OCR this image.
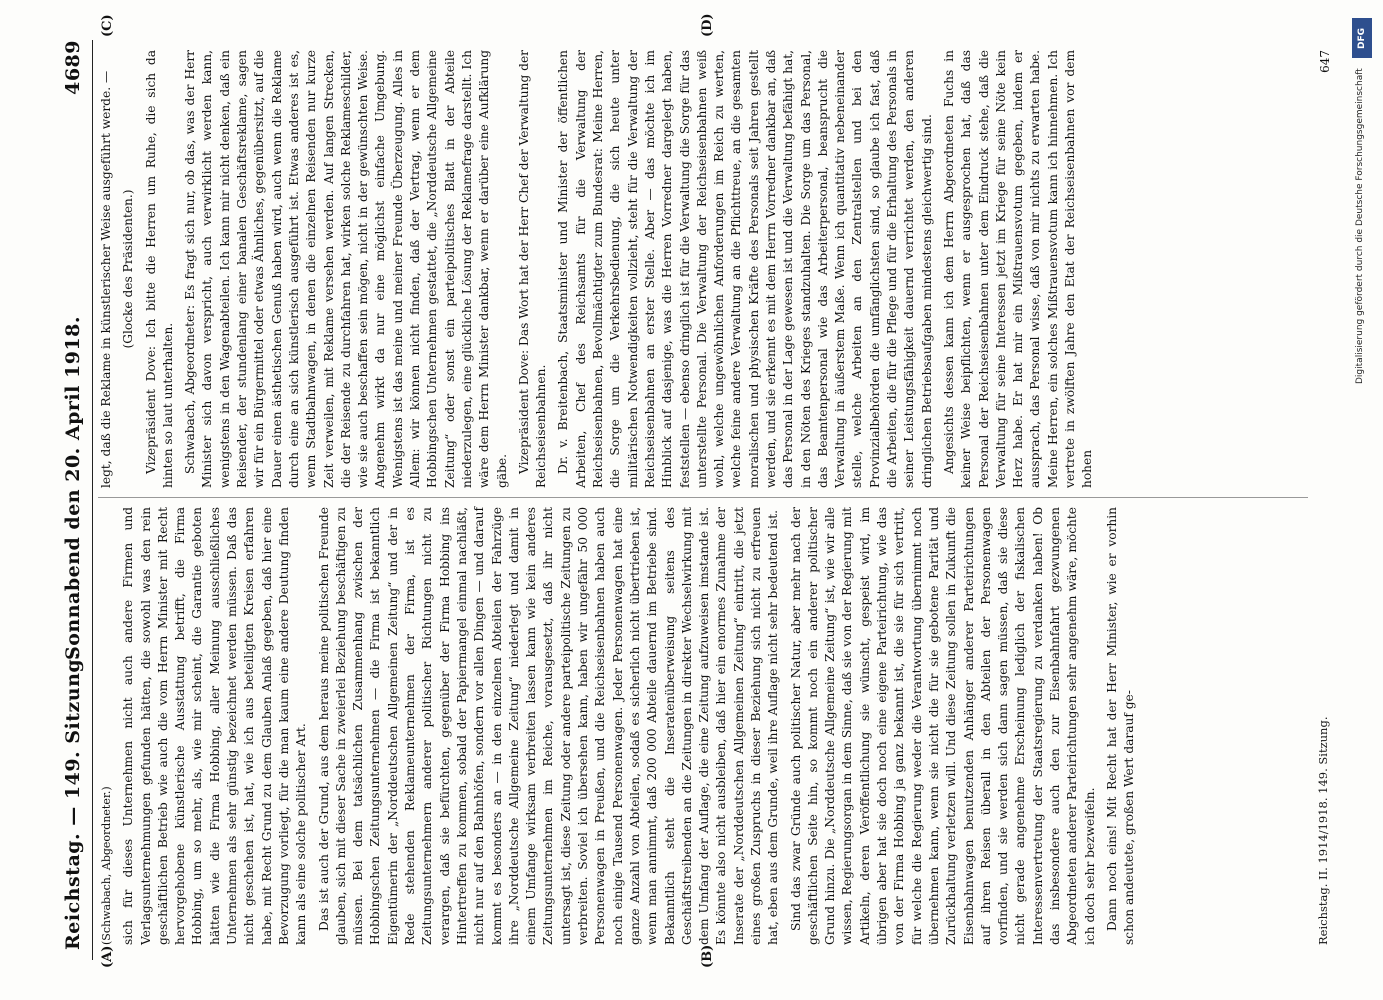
Reichstag. — 149. Sitzung.
Sonnabend den 20. April 1918.
4689
(A)	(B)
(C)	(D)

(Schwabach, Abgeordneter.) sich für dieses Unternehmen nicht auch andere Firmen und Verlagsunternehmungen gefunden hätten, die sowohl was den rein geschäftlichen Betrieb wie auch die vom Herrn Minister mit Recht hervorgehobene künstlerische Ausstattung betrifft, die Firma Hobbing, um so mehr, als, wie mir scheint, die Garantie geboten hätten wie die Firma Hobbing, aller Meinung ausschließliches Unternehmen als sehr günstig bezeichnet werden müssen. Daß das nicht geschehen ist, hat, wie ich aus beteiligten Kreisen erfahren habe, mit Recht Grund zu dem Glauben Anlaß gegeben, daß hier eine Bevorzugung vorliegt, für die man kaum eine andere Deutung finden kann als eine solche politischer Art. Das ist auch der Grund, aus dem heraus meine politischen Freunde glauben, sich mit dieser Sache in zweierlei Beziehung beschäftigen zu müssen. Bei dem tatsächlichen Zusammenhang zwischen der Hobbingschen Zeitungsunternehmen — die Firma ist bekanntlich Eigentümerin der „Norddeutschen Allgemeinen Zeitung“ und der in Rede stehenden Reklameunternehmen der Firma, ist es Zeitungsunternehmern anderer politischer Richtungen nicht zu verargen, daß sie befürchten, gegenüber der Firma Hobbing ins Hintertreffen zu kommen, sobald der Papiermangel einmal nachläßt, nicht nur auf den Bahnhöfen, sondern vor allen Dingen — und darauf kommt es besonders an — in den einzelnen Abteilen der Fahrzüge ihre „Norddeutsche Allgemeine Zeitung“ niederlegt und damit in einem Umfange wirksam verbreiten lassen kann wie kein anderes Zeitungsunternehmen im Reiche, vorausgesetzt, daß ihr nicht untersagt ist, diese Zeitung oder andere parteipolitische Zeitungen zu verbreiten. Soviel ich übersehen kann, haben wir ungefähr 50 000 Personenwagen in Preußen, und die Reichseisenbahnen haben auch noch einige Tausend Personenwagen. Jeder Personenwagen hat eine ganze Anzahl von Abteilen, sodaß es sicherlich nicht übertrieben ist, wenn man annimmt, daß 200 000 Abteile dauernd im Betriebe sind. Bekanntlich steht die Inseratenüberweisung seitens des Geschäftstreibenden an die Zeitungen in direkter Wechselwirkung mit dem Umfang der Auflage, die eine Zeitung aufzuweisen imstande ist. Es könnte also nicht ausbleiben, daß hier ein enormes Zunahme der Inserate der „Norddeutschen Allgemeinen Zeitung“ eintritt, die jetzt eines großen Zuspruchs in dieser Beziehung sich nicht zu erfreuen hat, eben aus dem Grunde, weil ihre Auflage nicht sehr bedeutend ist. Sind das zwar Gründe auch politischer Natur, aber mehr nach der geschäftlichen Seite hin, so kommt noch ein anderer politischer Grund hinzu. Die „Norddeutsche Allgemeine Zeitung“ ist, wie wir alle wissen, Regierungsorgan in dem Sinne, daß sie von der Regierung mit Artikeln, deren Veröffentlichung sie wünscht, gespeist wird, im übrigen aber hat sie doch noch eine eigene Parteirichtung, wie das von der Firma Hobbing ja ganz bekannt ist, die sie für sich vertritt, für welche die Regierung weder die Verantwortung übernimmt noch übernehmen kann, wenn sie nicht die für sie gebotene Parität und Zurückhaltung verletzen will. Und diese Zeitung sollen in Zukunft die Eisenbahnwagen benutzenden Anhänger anderer Parteirichtungen auf ihren Reisen überall in den Abteilen der Personenwagen vorfinden, und sie werden sich dann sagen müssen, daß sie diese nicht gerade angenehme Erscheinung lediglich der fiskalischen Interessenvertretung der Staatsregierung zu verdanken haben! Ob das insbesondere auch den zur Eisenbahnfahrt gezwungenen Abgeordneten anderer Parteirichtungen sehr angenehm wäre, möchte ich doch sehr bezweifeln. Dann noch eins! Mit Recht hat der Herr Minister, wie er vorhin schon andeutete, großen Wert darauf ge-

legt, daß die Reklame in künstlerischer Weise ausgeführt werde. — (Glocke des Präsidenten.) Vizepräsident Dove: Ich bitte die Herren um Ruhe, die sich da hinten so laut unterhalten. Schwabach, Abgeordneter: Es fragt sich nur, ob das, was der Herr Minister sich davon verspricht, auch verwirklicht werden kann, wenigstens in den Wagenabteilen. Ich kann mir nicht denken, daß ein Reisender, der stundenlang einer banalen Geschäftsreklame, sagen wir für ein Bürgermittel oder etwas Ähnliches, gegenübersitzt, auf die Dauer einen ästhetischen Genuß haben wird, auch wenn die Reklame durch eine an sich künstlerisch ausgeführt ist. Etwas anderes ist es, wenn Stadtbahnwagen, in denen die einzelnen Reisenden nur kurze Zeit verweilen, mit Reklame versehen werden. Auf langen Strecken, die der Reisende zu durchfahren hat, wirken solche Reklameschilder, wie sie auch beschaffen sein mögen, nicht in der gewünschten Weise. Angenehm wirkt da nur eine möglichst einfache Umgebung. Wenigstens ist das meine und meiner Freunde Überzeugung. Alles in Allem: wir können nicht finden, daß der Vertrag, wenn er dem Hobbingschen Unternehmen gestattet, die „Norddeutsche Allgemeine Zeitung“ oder sonst ein parteipolitisches Blatt in der Abteile niederzulegen, eine glückliche Lösung der Reklamefrage darstellt. Ich wäre dem Herrn Minister dankbar, wenn er darüber eine Aufklärung gäbe. Vizepräsident Dove: Das Wort hat der Herr Chef der Verwaltung der Reichseisenbahnen. Dr. v. Breitenbach, Staatsminister und Minister der öffentlichen Arbeiten, Chef des Reichsamts für die Verwaltung der Reichseisenbahnen, Bevollmächtigter zum Bundesrat: Meine Herren, die Sorge um die Verkehrsbedienung, die sich heute unter militärischen Notwendigkeiten vollzieht, steht für die Verwaltung der Reichseisenbahnen an erster Stelle. Aber — das möchte ich im Hinblick auf dasjenige, was die Herren Vorredner dargelegt haben, feststellen — ebenso dringlich ist für die Verwaltung die Sorge für das unterstellte Personal. Die Verwaltung der Reichseisenbahnen weiß wohl, welche ungewöhnlichen Anforderungen im Reich zu werten, welche feine andere Verwaltung an die Pflichttreue, an die gesamten moralischen und physischen Kräfte des Personals seit Jahren gestellt werden, und sie erkennt es mit dem Herrn Vorredner dankbar an, daß das Personal in der Lage gewesen ist und die Verwaltung befähigt hat, in den Nöten des Krieges standzuhalten. Die Sorge um das Personal, das Beamtenpersonal wie das Arbeiterpersonal, beansprucht die Verwaltung in äußerstem Maße. Wenn ich quantitativ nebeneinander stelle, welche Arbeiten an den Zentralstellen und bei den Provinzialbehörden die umfänglichsten sind, so glaube ich fast, daß die Arbeiten, die für die Pflege und für die Erhaltung des Personals in seiner Leistungsfähigkeit dauernd verrichtet werden, den anderen dringlichen Betriebsaufgaben mindestens gleichwertig sind. Angesichts dessen kann ich dem Herrn Abgeordneten Fuchs in keiner Weise beipflichten, wenn er ausgesprochen hat, daß das Personal der Reichseisenbahnen unter dem Eindruck stehe, daß die Verwaltung für seine Interessen jetzt im Kriege für seine Nöte kein Herz habe. Er hat mir ein Mißtrauensvotum gegeben, indem er aussprach, das Personal wisse, daß von mir nichts zu erwarten habe. Meine Herren, ein solches Mißtrauensvotum kann ich hinnehmen. Ich vertrete in zwölften Jahre den Etat der Reichseisenbahnen vor dem hohen

Reichstag. II. 1914/1918. 149. Sitzung.
647
DFG
Digitalisierung gefördert durch die Deutsche Forschungsgemeinschaft
